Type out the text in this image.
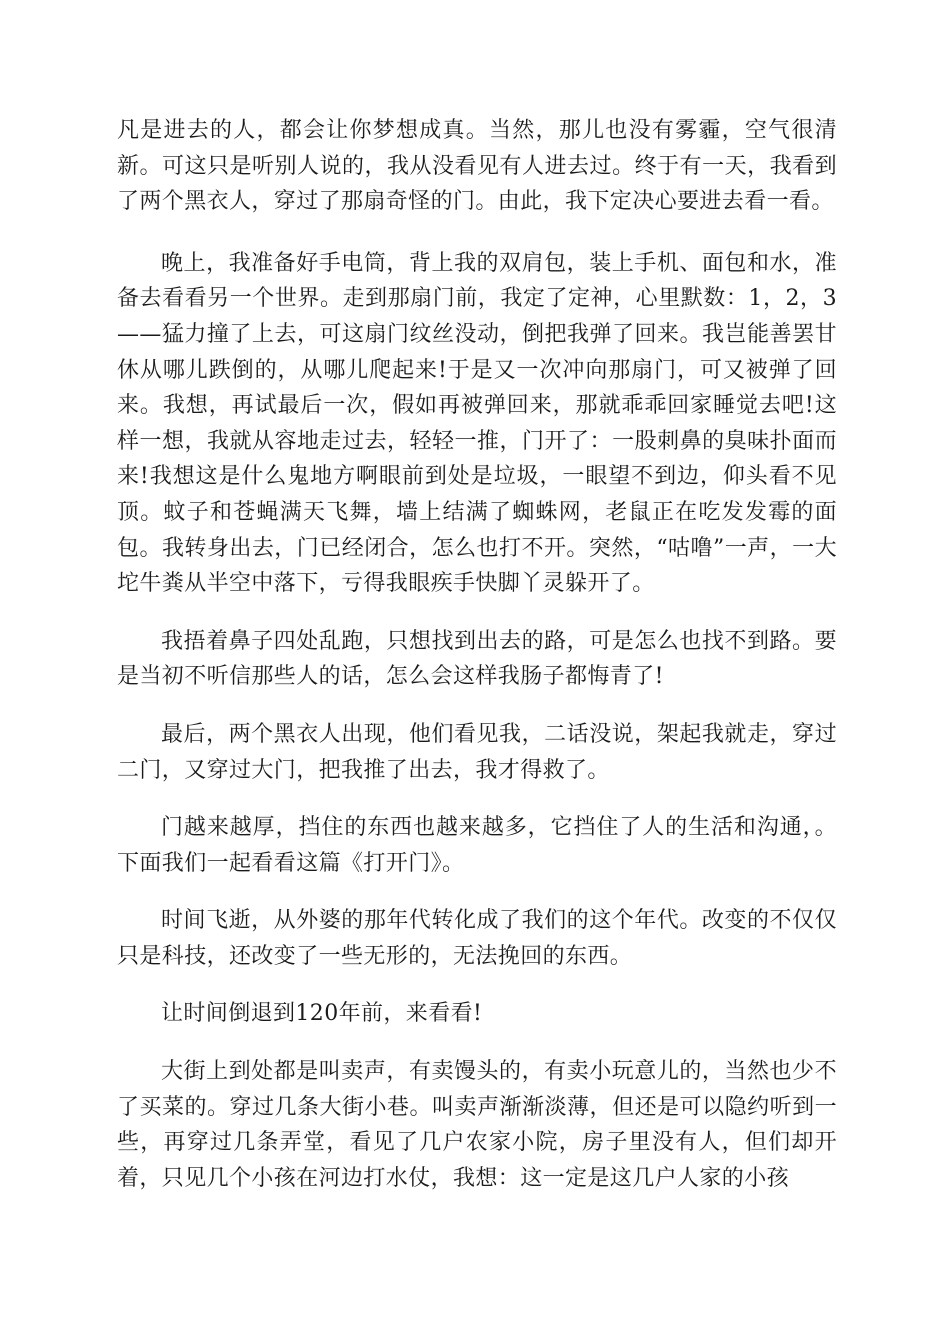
凡是进去的人，都会让你梦想成真。当然，那儿也没有雾霾，空气很清新。可这只是听别人说的，我从没看见有人进去过。终于有一天，我看到了两个黑衣人，穿过了那扇奇怪的门。由此，我下定决心要进去看一看。

晚上，我准备好手电筒，背上我的双肩包，装上手机、面包和水，准备去看看另一个世界。走到那扇门前，我定了定神，心里默数：1，2，3——猛力撞了上去，可这扇门纹丝没动，倒把我弹了回来。我岂能善罢甘休从哪儿跌倒的，从哪儿爬起来!于是又一次冲向那扇门，可又被弹了回来。我想，再试最后一次，假如再被弹回来，那就乖乖回家睡觉去吧!这样一想，我就从容地走过去，轻轻一推，门开了：一股刺鼻的臭味扑面而来!我想这是什么鬼地方啊眼前到处是垃圾，一眼望不到边，仰头看不见顶。蚊子和苍蝇满天飞舞，墙上结满了蜘蛛网，老鼠正在吃发发霉的面包。我转身出去，门已经闭合，怎么也打不开。突然，“咕噜”一声，一大坨牛粪从半空中落下，亏得我眼疾手快脚丫灵躲开了。

我捂着鼻子四处乱跑，只想找到出去的路，可是怎么也找不到路。要是当初不听信那些人的话，怎么会这样我肠子都悔青了!

最后，两个黑衣人出现，他们看见我，二话没说，架起我就走，穿过二门，又穿过大门，把我推了出去，我才得救了。

门越来越厚，挡住的东西也越来越多，它挡住了人的生活和沟通，。下面我们一起看看这篇《打开门》。

时间飞逝，从外婆的那年代转化成了我们的这个年代。改变的不仅仅只是科技，还改变了一些无形的，无法挽回的东西。

让时间倒退到120年前，来看看!

大街上到处都是叫卖声，有卖馒头的，有卖小玩意儿的，当然也少不了买菜的。穿过几条大街小巷。叫卖声渐渐淡薄，但还是可以隐约听到一些，再穿过几条弄堂，看见了几户农家小院，房子里没有人，但们却开着，只见几个小孩在河边打水仗，我想：这一定是这几户人家的小孩
